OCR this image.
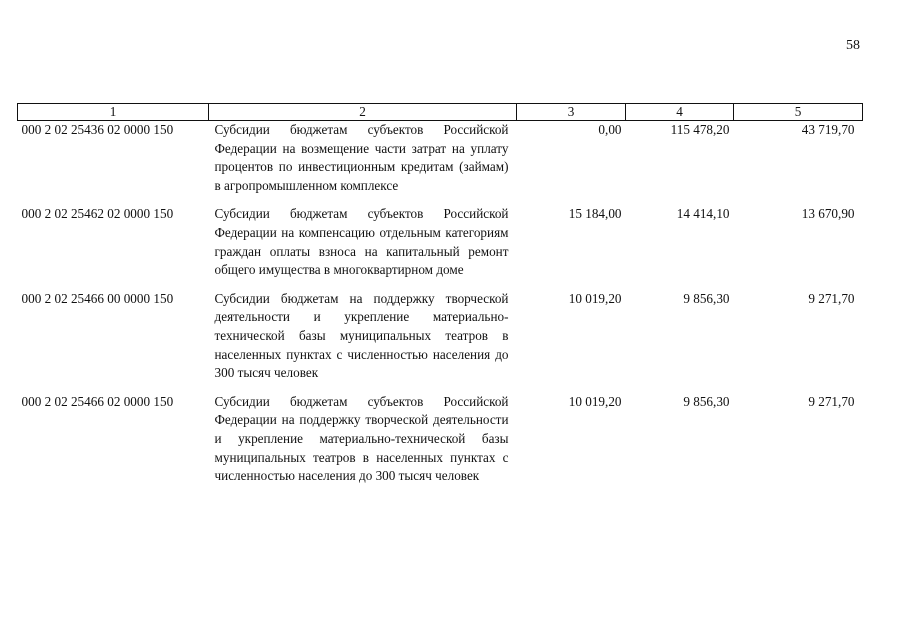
58
1	2	3	4	5
000 2 02 25436 02 0000 150	Субсидии бюджетам субъектов Российской Федерации на возмещение части затрат на уплату процентов по инвестиционным кредитам (займам) в агропромышленном комплексе	0,00	115 478,20	43 719,70
000 2 02 25462 02 0000 150	Субсидии бюджетам субъектов Российской Федерации на компенсацию отдельным категориям граждан оплаты взноса на капитальный ремонт общего имущества в многоквартирном доме	15 184,00	14 414,10	13 670,90
000 2 02 25466 00 0000 150	Субсидии бюджетам на поддержку творческой деятельности и укрепление материально-технической базы муниципальных театров в населенных пунктах с численностью населения до 300 тысяч человек	10 019,20	9 856,30	9 271,70
000 2 02 25466 02 0000 150	Субсидии бюджетам субъектов Российской Федерации на поддержку творческой деятельности и укрепление материально-технической базы муниципальных театров в населенных пунктах с численностью населения до 300 тысяч человек	10 019,20	9 856,30	9 271,70
